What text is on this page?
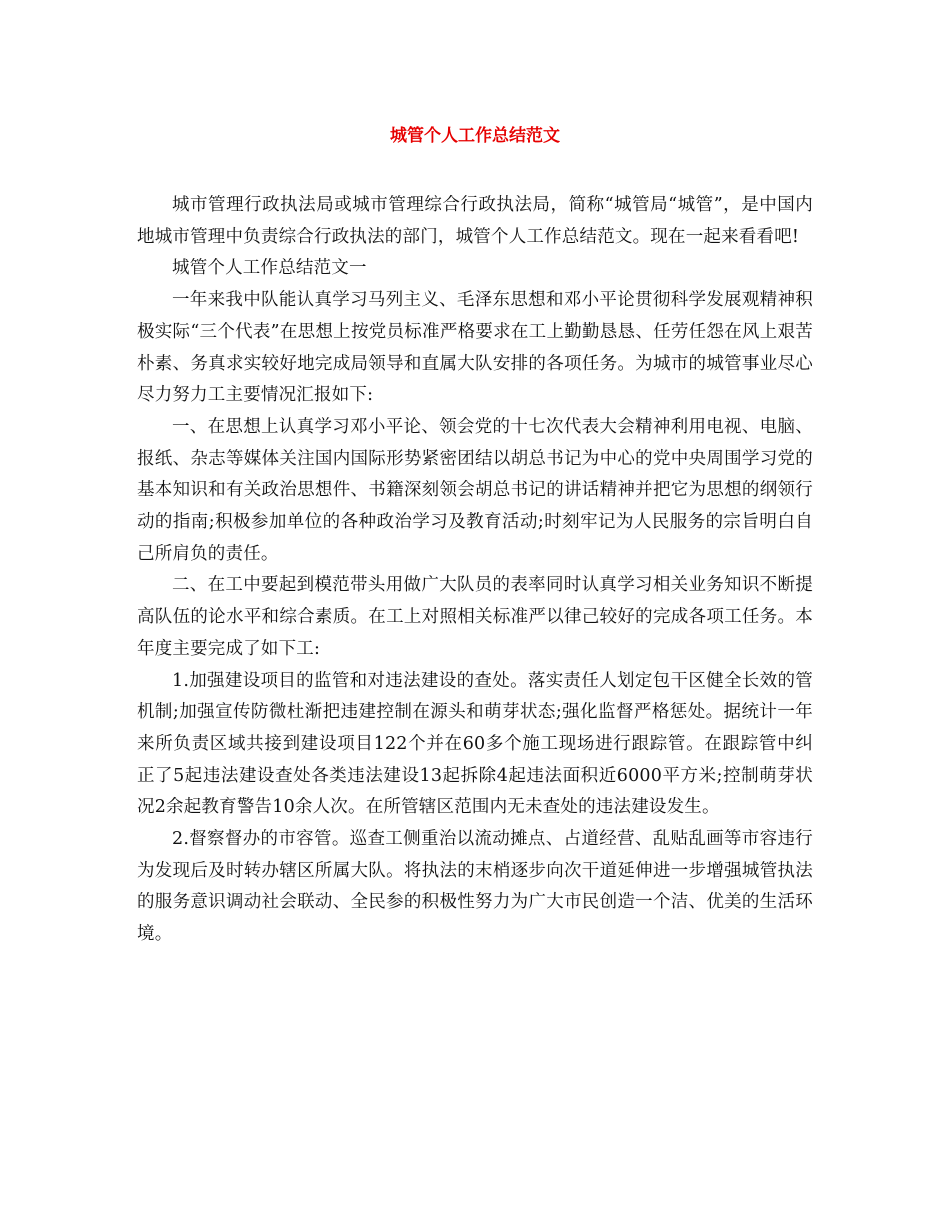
城管个人工作总结范文

城市管理行政执法局或城市管理综合行政执法局，简称“城管局“城管”，是中国内地城市管理中负责综合行政执法的部门，城管个人工作总结范文。现在一起来看看吧!

城管个人工作总结范文一

一年来我中队能认真学习马列主义、毛泽东思想和邓小平论贯彻科学发展观精神积极实际“三个代表”在思想上按党员标准严格要求在工上勤勤恳恳、任劳任怨在风上艰苦朴素、务真求实较好地完成局领导和直属大队安排的各项任务。为城市的城管事业尽心尽力努力工主要情况汇报如下:

一、在思想上认真学习邓小平论、领会党的十七次代表大会精神利用电视、电脑、报纸、杂志等媒体关注国内国际形势紧密团结以胡总书记为中心的党中央周围学习党的基本知识和有关政治思想件、书籍深刻领会胡总书记的讲话精神并把它为思想的纲领行动的指南;积极参加单位的各种政治学习及教育活动;时刻牢记为人民服务的宗旨明白自己所肩负的责任。

二、在工中要起到模范带头用做广大队员的表率同时认真学习相关业务知识不断提高队伍的论水平和综合素质。在工上对照相关标准严以律己较好的完成各项工任务。本年度主要完成了如下工:

1.加强建设项目的监管和对违法建设的查处。落实责任人划定包干区健全长效的管机制;加强宣传防微杜渐把违建控制在源头和萌芽状态;强化监督严格惩处。据统计一年来所负责区域共接到建设项目122个并在60多个施工现场进行跟踪管。在跟踪管中纠正了5起违法建设查处各类违法建设13起拆除4起违法面积近6000平方米;控制萌芽状况2余起教育警告10余人次。在所管辖区范围内无未查处的违法建设发生。

2.督察督办的市容管。巡查工侧重治以流动摊点、占道经营、乱贴乱画等市容违行为发现后及时转办辖区所属大队。将执法的末梢逐步向次干道延伸进一步增强城管执法的服务意识调动社会联动、全民参的积极性努力为广大市民创造一个洁、优美的生活环境。
